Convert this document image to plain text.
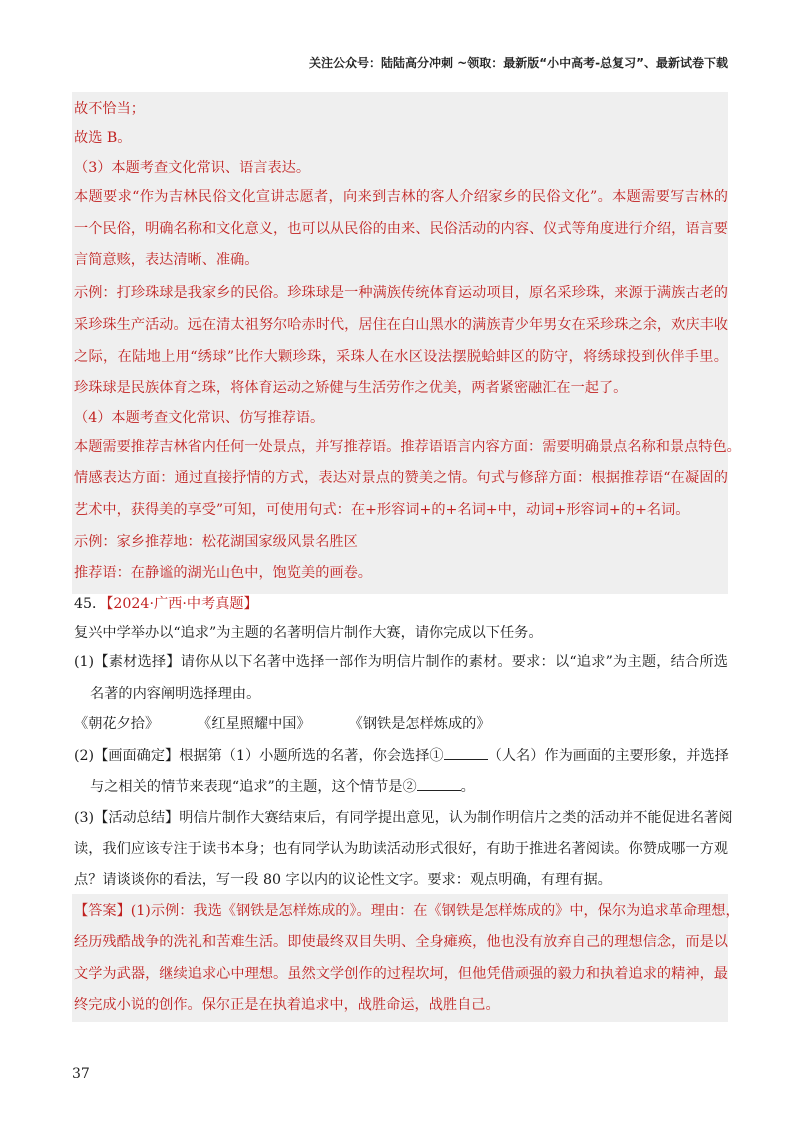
关注公众号：陆陆高分冲刺 ~领取：最新版“小中高考-总复习”、最新试卷下载
故不恰当；
故选 B。
（3）本题考查文化常识、语言表达。
本题要求“作为吉林民俗文化宣讲志愿者，向来到吉林的客人介绍家乡的民俗文化”。本题需要写吉林的
一个民俗，明确名称和文化意义，也可以从民俗的由来、民俗活动的内容、仪式等角度进行介绍，语言要
言简意赅，表达清晰、准确。
示例：打珍珠球是我家乡的民俗。珍珠球是一种满族传统体育运动项目，原名采珍珠，来源于满族古老的
采珍珠生产活动。远在清太祖努尔哈赤时代，居住在白山黑水的满族青少年男女在采珍珠之余，欢庆丰收
之际，在陆地上用“绣球”比作大颗珍珠，采珠人在水区设法摆脱蛤蚌区的防守，将绣球投到伙伴手里。
珍珠球是民族体育之珠，将体育运动之矫健与生活劳作之优美，两者紧密融汇在一起了。
（4）本题考查文化常识、仿写推荐语。
本题需要推荐吉林省内任何一处景点，并写推荐语。推荐语语言内容方面：需要明确景点名称和景点特色。
情感表达方面：通过直接抒情的方式，表达对景点的赞美之情。句式与修辞方面：根据推荐语“在凝固的
艺术中，获得美的享受”可知，可使用句式：在+形容词+的+名词+中，动词+形容词+的+名词。
示例：家乡推荐地：松花湖国家级风景名胜区
推荐语：在静谧的湖光山色中，饱览美的画卷。
45．【2024·广西·中考真题】
复兴中学举办以“追求”为主题的名著明信片制作大赛，请你完成以下任务。
(1)【素材选择】请你从以下名著中选择一部作为明信片制作的素材。要求：以“追求”为主题，结合所选
名著的内容阐明选择理由。
《朝花夕拾》	《红星照耀中国》	《钢铁是怎样炼成的》
(2)【画面确定】根据第（1）小题所选的名著，你会选择①	（人名）作为画面的主要形象，并选择
与之相关的情节来表现“追求”的主题，这个情节是②	。
(3)【活动总结】明信片制作大赛结束后，有同学提出意见，认为制作明信片之类的活动并不能促进名著阅
读，我们应该专注于读书本身；也有同学认为助读活动形式很好，有助于推进名著阅读。你赞成哪一方观
点？请谈谈你的看法，写一段 80 字以内的议论性文字。要求：观点明确，有理有据。
【答案】(1)示例：我选《钢铁是怎样炼成的》。理由：在《钢铁是怎样炼成的》中，保尔为追求革命理想，
经历残酷战争的洗礼和苦难生活。即使最终双目失明、全身瘫痪，他也没有放弃自己的理想信念，而是以
文学为武器，继续追求心中理想。虽然文学创作的过程坎坷，但他凭借顽强的毅力和执着追求的精神，最
终完成小说的创作。保尔正是在执着追求中，战胜命运，战胜自己。
37
